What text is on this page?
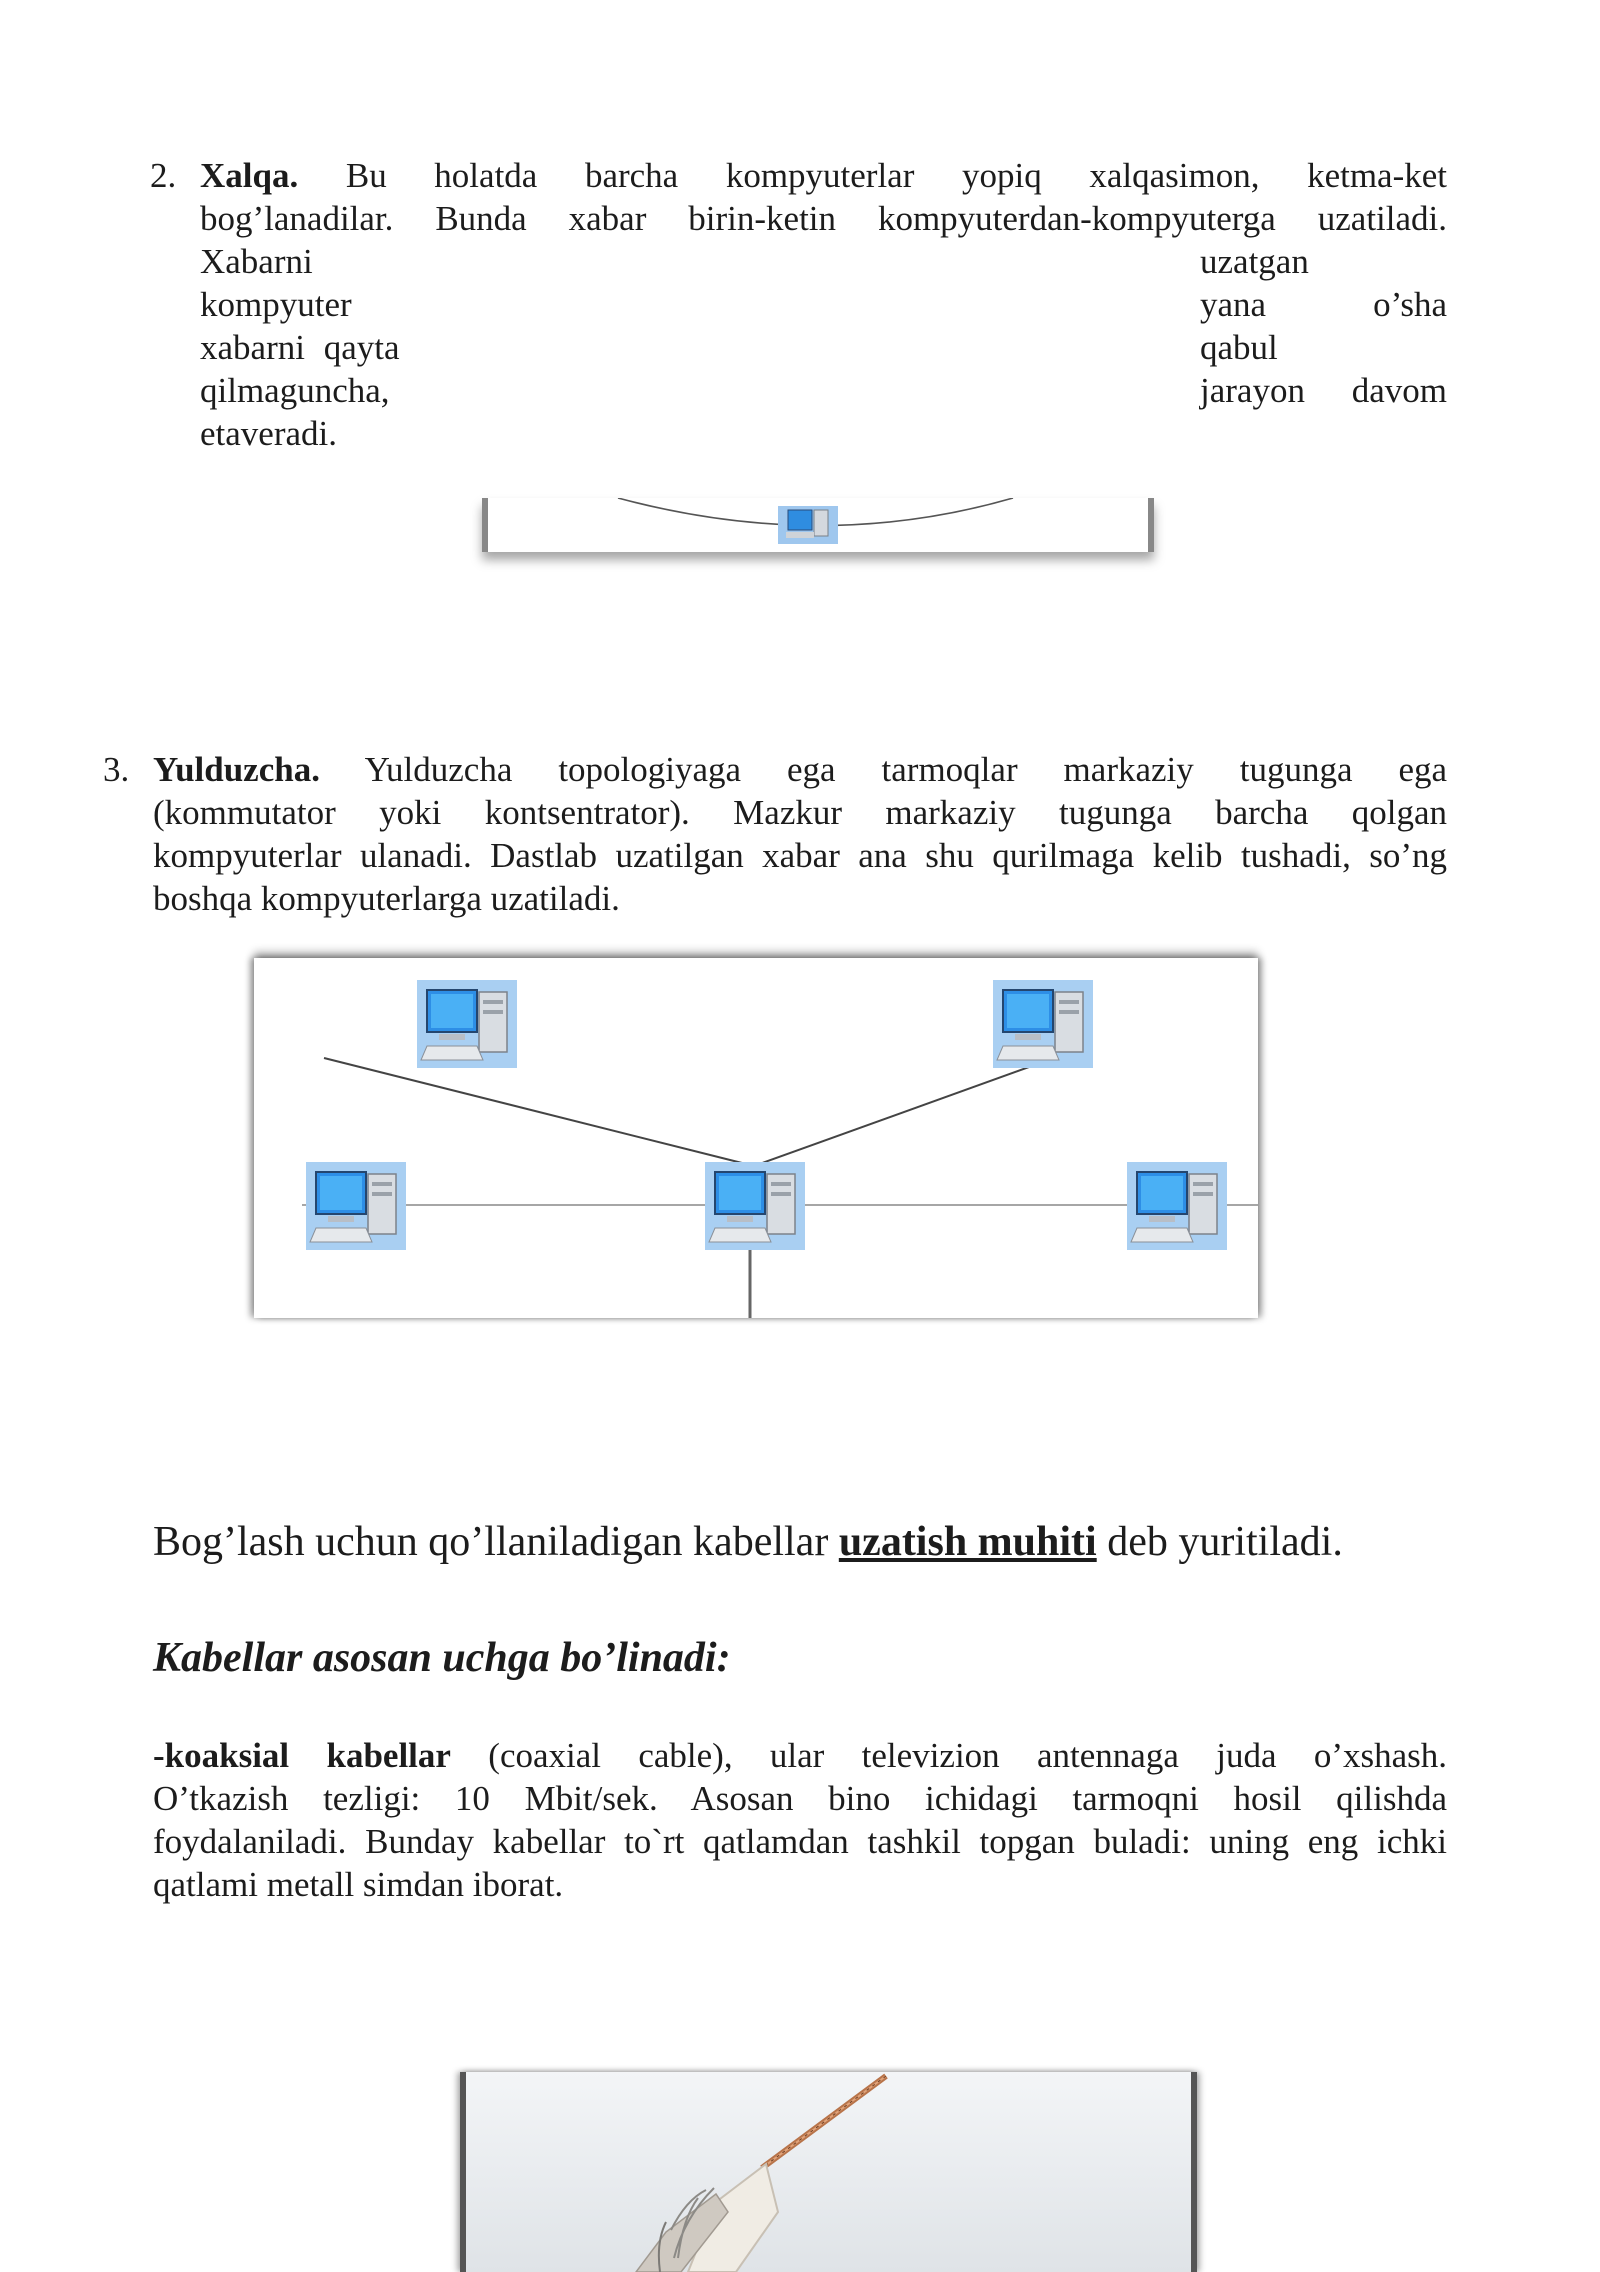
2. Xalqa. Bu holatda barcha kompyuterlar yopiq xalqasimon, ketma-ket
bog’lanadilar. Bunda xabar birin-ketin kompyuterdan-kompyuterga uzatiladi.
Xabarni
kompyuter
xabarni qayta
qilmaguncha,
etaveradi.
uzatgan
yana o’sha
qabul
jarayon davom
3. Yulduzcha. Yulduzcha topologiyaga ega tarmoqlar markaziy tugunga ega
(kommutator yoki kontsentrator). Mazkur markaziy tugunga barcha qolgan
kompyuterlar ulanadi. Dastlab uzatilgan xabar ana shu qurilmaga kelib tushadi, so’ng
boshqa kompyuterlarga uzatiladi.
Bog’lash uchun qo’llaniladigan kabellar uzatish muhiti deb yuritiladi.
Kabellar asosan uchga bo’linadi:
-koaksial kabellar (coaxial cable), ular televizion antennaga juda o’xshash.
O’tkazish tezligi: 10 Mbit/sek. Asosan bino ichidagi tarmoqni hosil qilishda
foydalaniladi. Bunday kabellar to`rt qatlamdan tashkil topgan buladi: uning eng ichki
qatlami metall simdan iborat.
